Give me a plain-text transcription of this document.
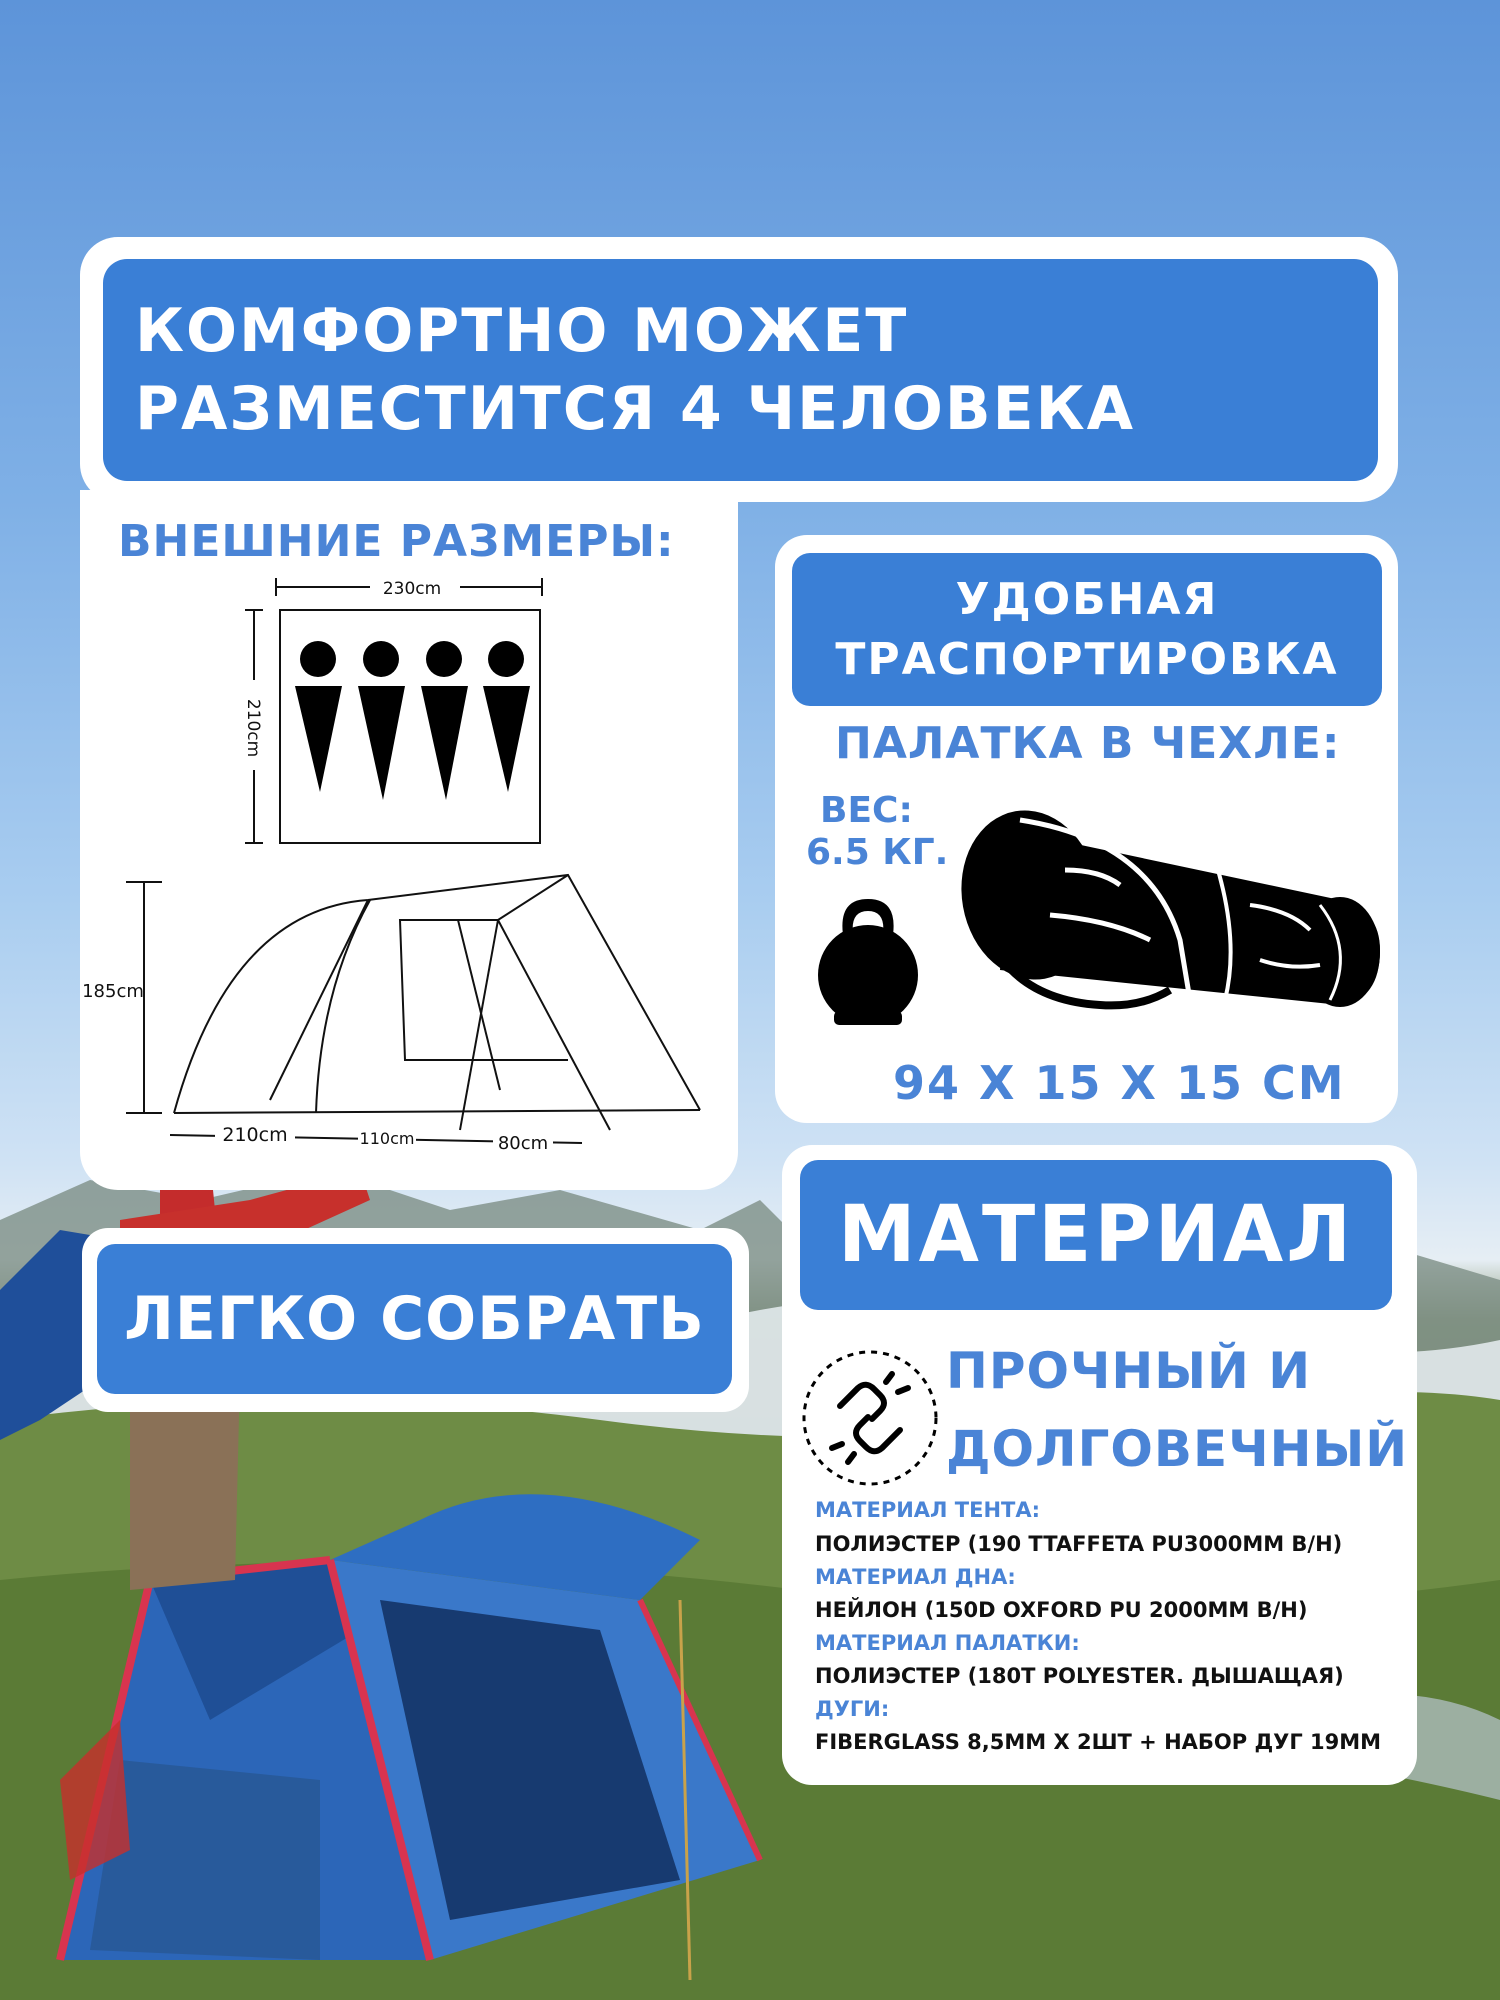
КОМФОРТНО МОЖЕТ
РАЗМЕСТИТСЯ 4 ЧЕЛОВЕКА
ВНЕШНИЕ РАЗМЕРЫ:
230cm
210cm
185cm
210cm	110cm	80cm
ЛЕГКО СОБРАТЬ
УДОБНАЯ
ТРАСПОРТИРОВКА
ПАЛАТКА В ЧЕХЛЕ:
ВЕС:
6.5 КГ.
94 X 15 X 15 СМ
МАТЕРИАЛ
ПРОЧНЫЙ И
ДОЛГОВЕЧНЫЙ
МАТЕРИАЛ ТЕНТА:
ПОЛИЭСТЕР (190 TTAFFETA PU3000ММ В/Н)
МАТЕРИАЛ ДНА:
НЕЙЛОН (150D OXFORD PU 2000ММ В/Н)
МАТЕРИАЛ ПАЛАТКИ:
ПОЛИЭСТЕР (180T POLYESTER. ДЫШАЩАЯ)
ДУГИ:
FIBERGLASS 8,5ММ Х 2ШТ + НАБОР ДУГ 19ММ
